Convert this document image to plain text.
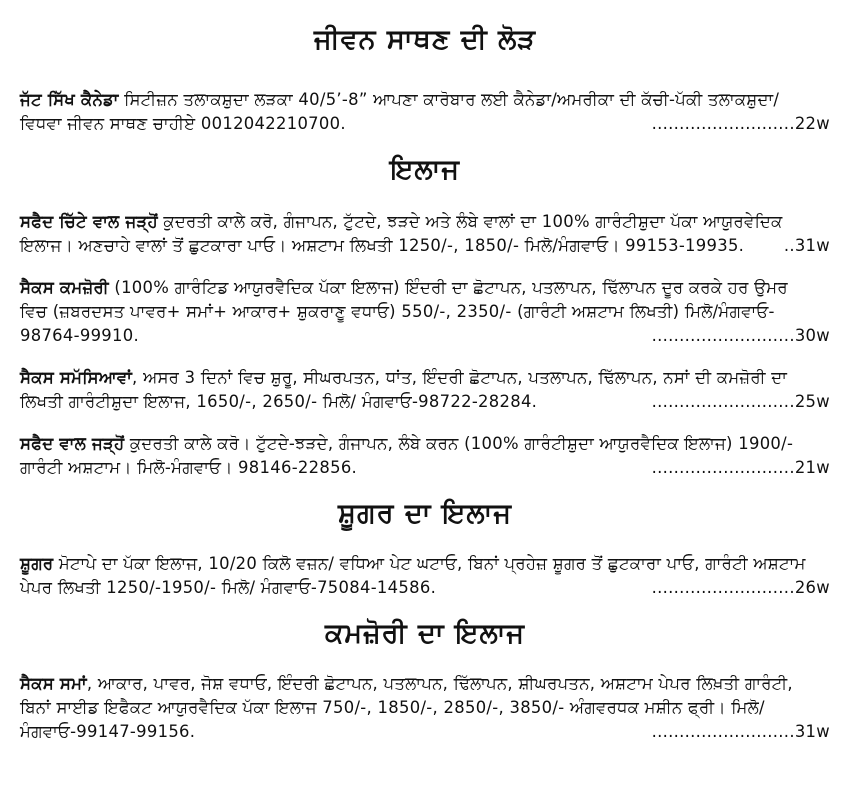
ਜੀਵਨ ਸਾਥਣ ਦੀ ਲੋੜ
ਜੱਟ ਸਿੱਖ ਕੈਨੇਡਾ ਸਿਟੀਜ਼ਨ ਤਲਾਕਸ਼ੁਦਾ ਲੜਕਾ 40/5’-8” ਆਪਣਾ ਕਾਰੋਬਾਰ ਲਈ ਕੈਨੇਡਾ/ਅਮਰੀਕਾ ਦੀ ਕੱਚੀ-ਪੱਕੀ ਤਲਾਕਸ਼ੁਦਾ/

ਵਿਧਵਾ ਜੀਵਨ ਸਾਥਣ ਚਾਹੀਏ 0012042210700.	..........................22w
ਇਲਾਜ
ਸਫੈਦ ਚਿੱਟੇ ਵਾਲ ਜੜ੍ਹੋਂ ਕੁਦਰਤੀ ਕਾਲੇ ਕਰੋ, ਗੰਜਾਪਨ, ਟੁੱਟਦੇ, ਝੜਦੇ ਅਤੇ ਲੰਬੇ ਵਾਲਾਂ ਦਾ 100% ਗਾਰੰਟੀਸ਼ੁਦਾ ਪੱਕਾ ਆਯੁਰਵੇਦਿਕ

ਇਲਾਜ। ਅਣਚਾਹੇ ਵਾਲਾਂ ਤੋਂ ਛੁਟਕਾਰਾ ਪਾਓ। ਅਸ਼ਟਾਮ ਲਿਖਤੀ 1250/-, 1850/- ਮਿਲੋ/ਮੰਗਵਾਓ। 99153-19935.	..31w
ਸੈਕਸ ਕਮਜ਼ੋਰੀ (100% ਗਾਰੰਟਿਡ ਆਯੁਰਵੈਦਿਕ ਪੱਕਾ ਇਲਾਜ) ਇੰਦਰੀ ਦਾ ਛੋਟਾਪਨ, ਪਤਲਾਪਨ, ਢਿੱਲਾਪਨ ਦੂਰ ਕਰਕੇ ਹਰ ਉਮਰ
ਵਿਚ (ਜ਼ਬਰਦਸਤ ਪਾਵਰ+ ਸਮਾਂ+ ਆਕਾਰ+ ਸ਼ੁਕਰਾਣੂ ਵਧਾਓ) 550/-, 2350/- (ਗਾਰੰਟੀ ਅਸ਼ਟਾਮ ਲਿਖਤੀ) ਮਿਲੋ/ਮੰਗਵਾਓ-

98764-99910.	..........................30w
ਸੈਕਸ ਸਮੱਸਿਆਵਾਂ, ਅਸਰ 3 ਦਿਨਾਂ ਵਿਚ ਸ਼ੁਰੂ, ਸੀਘਰਪਤਨ, ਧਾਂਤ, ਇੰਦਰੀ ਛੋਟਾਪਨ, ਪਤਲਾਪਨ, ਢਿੱਲਾਪਨ, ਨਸਾਂ ਦੀ ਕਮਜ਼ੋਰੀ ਦਾ

ਲਿਖਤੀ ਗਾਰੰਟੀਸ਼ੁਦਾ ਇਲਾਜ, 1650/-, 2650/- ਮਿਲੋ/ ਮੰਗਵਾਓ-98722-28284.	..........................25w
ਸਫੈਦ ਵਾਲ ਜੜ੍ਹੋਂ ਕੁਦਰਤੀ ਕਾਲੇ ਕਰੋ। ਟੁੱਟਦੇ-ਝੜਦੇ, ਗੰਜਾਪਨ, ਲੰਬੇ ਕਰਨ (100% ਗਾਰੰਟੀਸ਼ੁਦਾ ਆਯੁਰਵੈਦਿਕ ਇਲਾਜ) 1900/-

ਗਾਰੰਟੀ ਅਸ਼ਟਾਮ। ਮਿਲੋ-ਮੰਗਵਾਓ। 98146-22856.	..........................21w
ਸ਼ੂਗਰ ਦਾ ਇਲਾਜ
ਸ਼ੂਗਰ ਮੋਟਾਪੇ ਦਾ ਪੱਕਾ ਇਲਾਜ, 10/20 ਕਿਲੋ ਵਜ਼ਨ/ ਵਧਿਆ ਪੇਟ ਘਟਾਓ, ਬਿਨਾਂ ਪ੍ਰਹੇਜ਼ ਸ਼ੂਗਰ ਤੋਂ ਛੁਟਕਾਰਾ ਪਾਓ, ਗਾਰੰਟੀ ਅਸ਼ਟਾਮ

ਪੇਪਰ ਲਿਖਤੀ 1250/-1950/- ਮਿਲੋ/ ਮੰਗਵਾਓ-75084-14586.	..........................26w
ਕਮਜ਼ੋਰੀ ਦਾ ਇਲਾਜ
ਸੈਕਸ ਸਮਾਂ, ਆਕਾਰ, ਪਾਵਰ, ਜੋਸ਼ ਵਧਾਓ, ਇੰਦਰੀ ਛੋਟਾਪਨ, ਪਤਲਾਪਨ, ਢਿੱਲਾਪਨ, ਸ਼ੀਘਰਪਤਨ, ਅਸ਼ਟਾਮ ਪੇਪਰ ਲਿਖ਼ਤੀ ਗਾਰੰਟੀ,
ਬਿਨਾਂ ਸਾਈਡ ਇਫੈਕਟ ਆਯੁਰਵੈਦਿਕ ਪੱਕਾ ਇਲਾਜ 750/-, 1850/-, 2850/-, 3850/- ਅੰਗਵਰਧਕ ਮਸ਼ੀਨ ਫ੍ਰੀ। ਮਿਲੋ/

ਮੰਗਵਾਓ-99147-99156.	..........................31w
